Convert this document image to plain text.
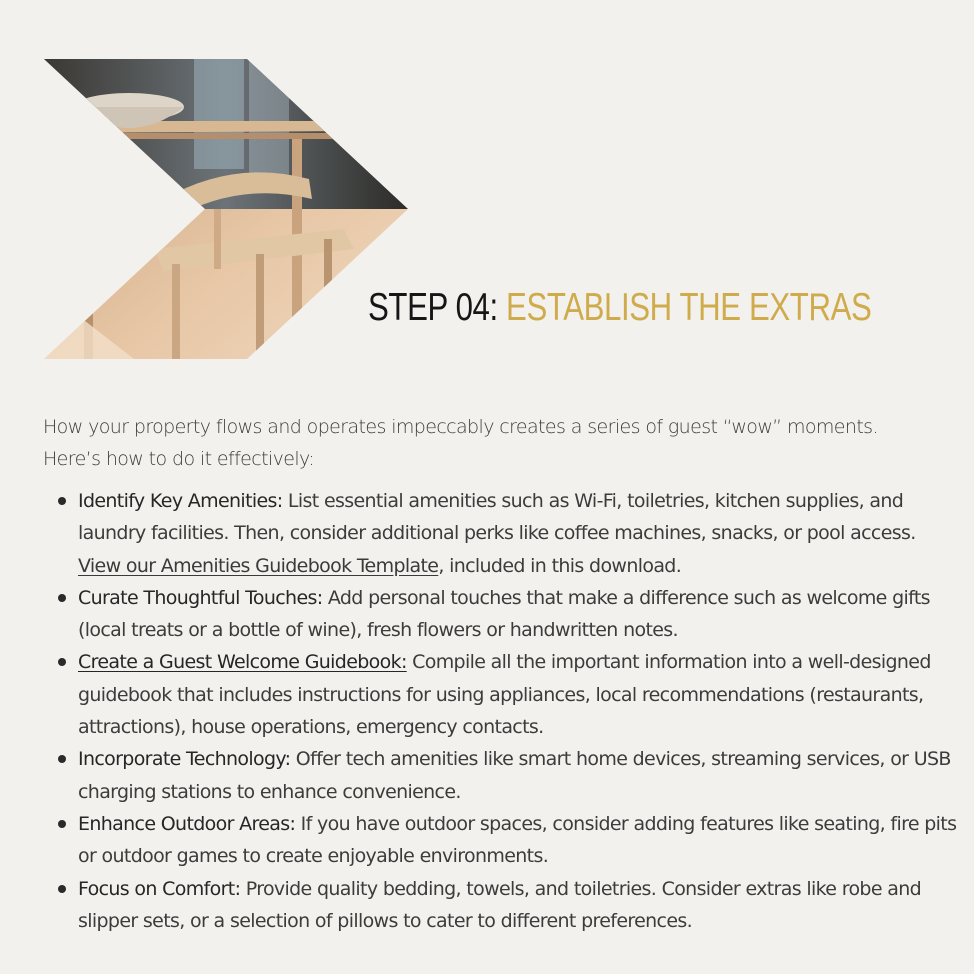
STEP 04: ESTABLISH THE EXTRAS

How your property flows and operates impeccably creates a series of guest “wow” moments. Here’s how to do it effectively:

Identify Key Amenities: List essential amenities such as Wi-Fi, toiletries, kitchen supplies, and laundry facilities. Then, consider additional perks like coffee machines, snacks, or pool access. View our Amenities Guidebook Template, included in this download.
Curate Thoughtful Touches: Add personal touches that make a difference such as welcome gifts (local treats or a bottle of wine), fresh flowers or handwritten notes.
Create a Guest Welcome Guidebook: Compile all the important information into a well-designed guidebook that includes instructions for using appliances, local recommendations (restaurants, attractions), house operations, emergency contacts.
Incorporate Technology: Offer tech amenities like smart home devices, streaming services, or USB charging stations to enhance convenience.
Enhance Outdoor Areas: If you have outdoor spaces, consider adding features like seating, fire pits or outdoor games to create enjoyable environments.
Focus on Comfort: Provide quality bedding, towels, and toiletries. Consider extras like robe and slipper sets, or a selection of pillows to cater to different preferences.
